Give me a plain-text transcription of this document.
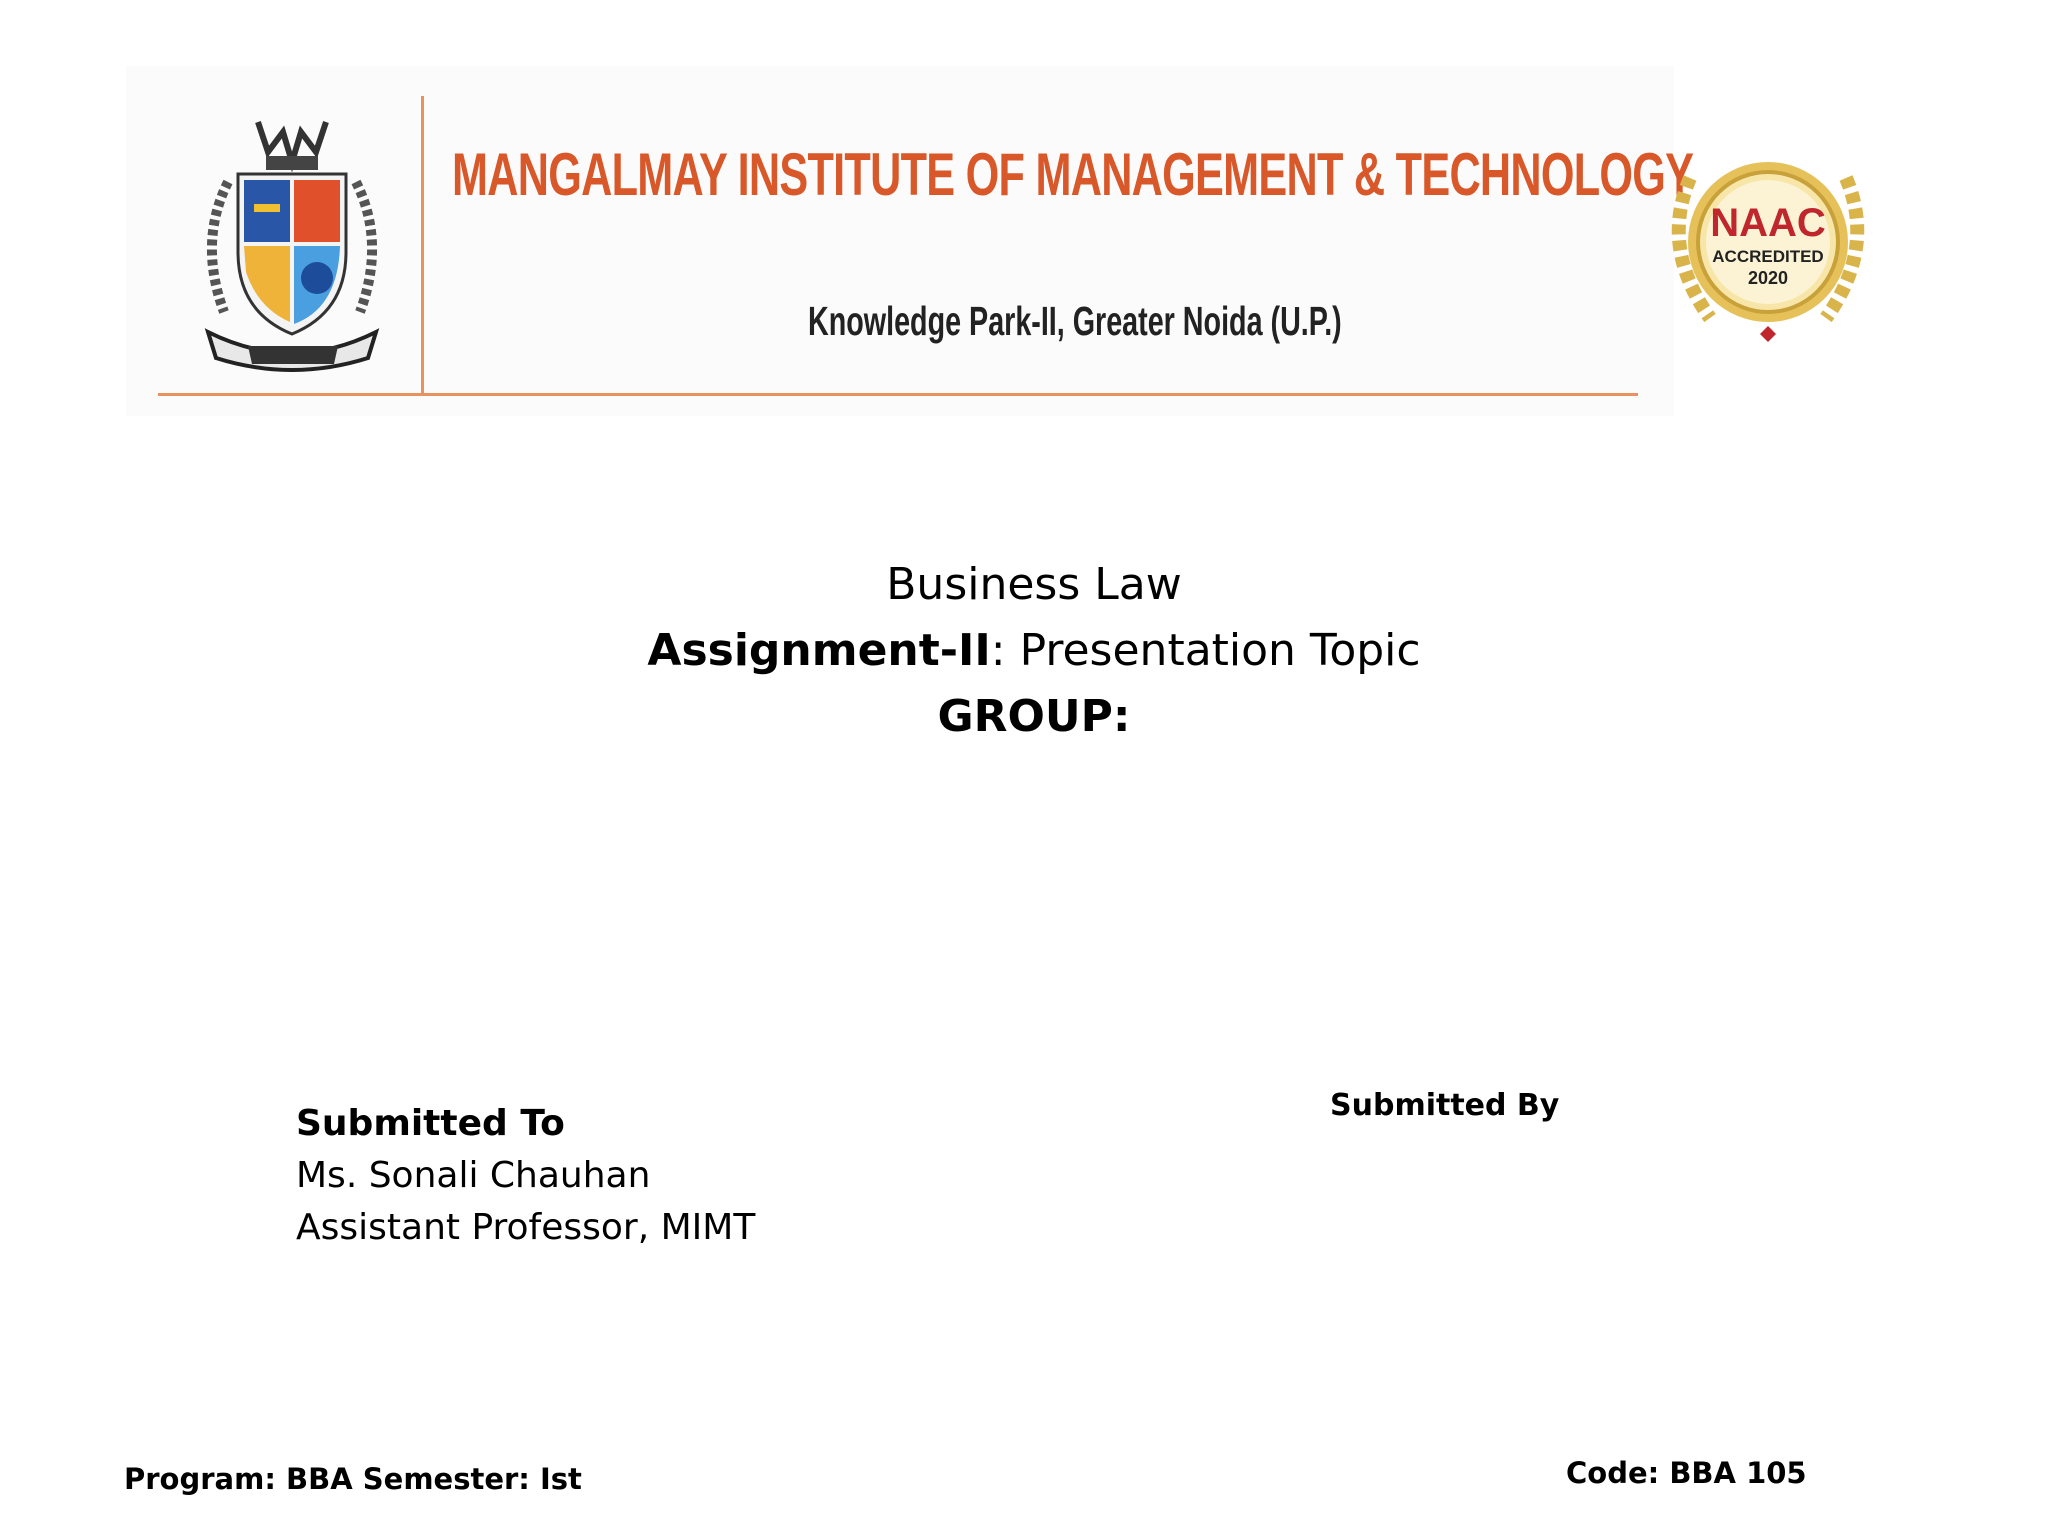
MANGALMAY INSTITUTE OF MANAGEMENT & TECHNOLOGY
Knowledge Park-II, Greater Noida (U.P.)
NAAC
ACCREDITED
2020
Business Law
Assignment-II: Presentation Topic
GROUP:
Submitted To
Ms. Sonali Chauhan
Assistant Professor, MIMT
Submitted By
Program: BBA Semester: Ist	Code: BBA 105
